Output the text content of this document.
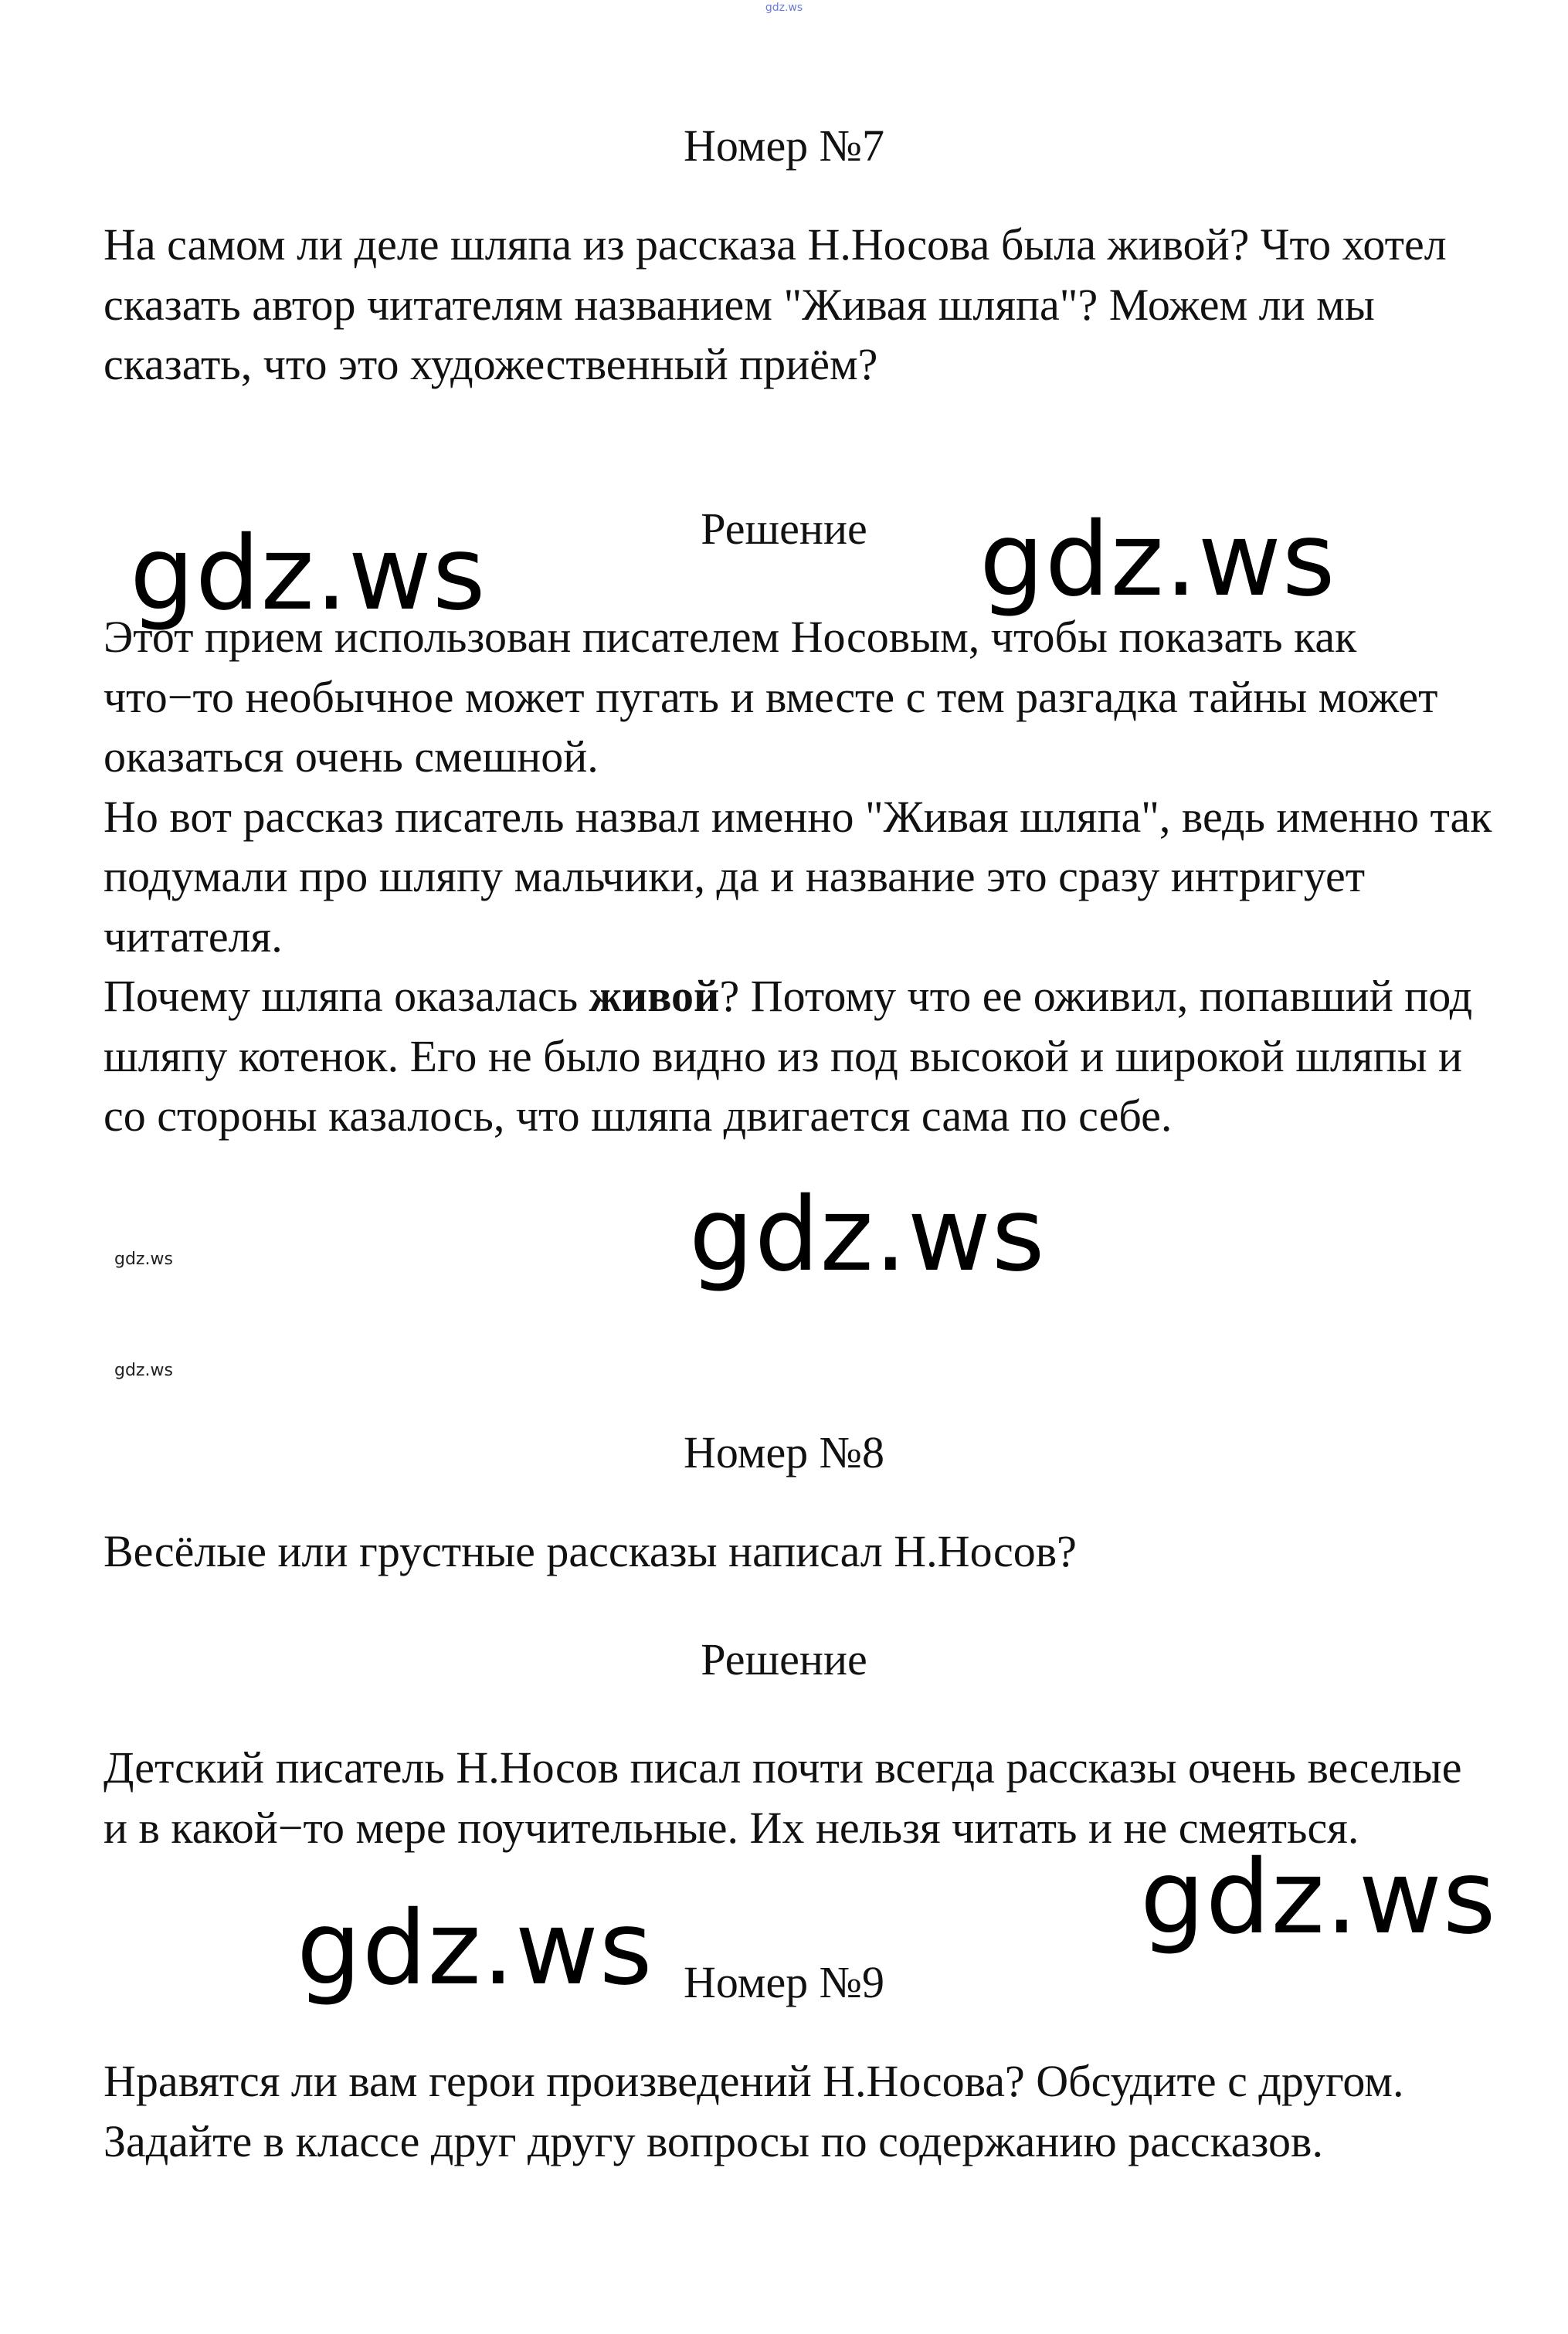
gdz.ws
Номер №7

На самом ли деле шляпа из рассказа Н.Носова была живой? Что хотел сказать автор читателям названием "Живая шляпа"? Можем ли мы сказать, что это художественный приём?

Решение

Этот прием использован писателем Носовым, чтобы показать как что−то необычное может пугать и вместе с тем разгадка тайны может оказаться очень смешной.

Но вот рассказ писатель назвал именно "Живая шляпа", ведь именно так подумали про шляпу мальчики, да и название это сразу интригует читателя.

Почему шляпа оказалась живой? Потому что ее оживил, попавший под шляпу котенок. Его не было видно из под высокой и широкой шляпы и со стороны казалось, что шляпа двигается сама по себе.

Номер №8

Весёлые или грустные рассказы написал Н.Носов?

Решение

Детский писатель Н.Носов писал почти всегда рассказы очень веселые и в какой−то мере поучительные. Их нельзя читать и не смеяться.

Номер №9

Нравятся ли вам герои произведений Н.Носова? Обсудите с другом. Задайте в классе друг другу вопросы по содержанию рассказов.

gdz.ws	gdz.ws
gdz.ws
gdz.ws
gdz.ws
gdz.ws
gdz.ws
